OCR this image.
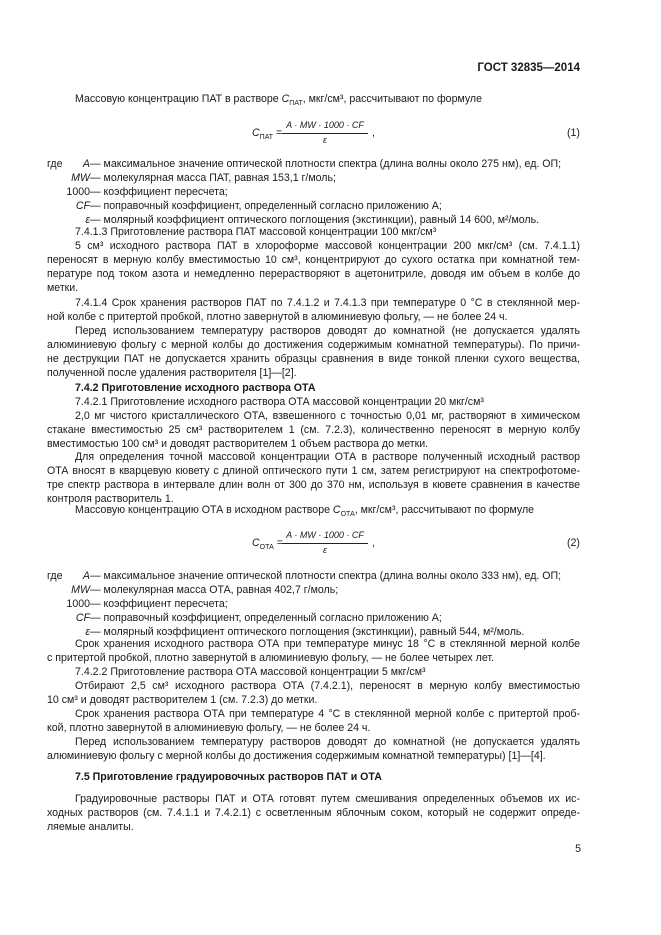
ГОСТ 32835—2014
Массовую концентрацию ПАТ в растворе $C_{ПАТ}$, мкг/см³, рассчитывают по формуле
$C_{ПАТ}$ =
A · MW · 1000 · CF
ε
,	(1)
где	A — максимальное значение оптической плотности спектра (длина волны около 275 нм), ед. ОП;
MW — молекулярная масса ПАТ, равная 153,1 г/моль;
1000 — коэффициент пересчета;
CF — поправочный коэффициент, определенный согласно приложению А;
ε — молярный коэффициент оптического поглощения (экстинкции), равный 14 600, м²/моль.
7.4.1.3 Приготовление раствора ПАТ массовой концентрации 100 мкг/см³
5 см³ исходного раствора ПАТ в хлороформе массовой концентрации 200 мкг/см³ (см. 7.4.1.1)
переносят в мерную колбу вместимостью 10 см³, концентрируют до сухого остатка при комнатной тем-
пературе под током азота и немедленно перерастворяют в ацетонитриле, доводя им объем в колбе до
метки.
7.4.1.4 Срок хранения растворов ПАТ по 7.4.1.2 и 7.4.1.3 при температуре 0 °С в стеклянной мер-
ной колбе с притертой пробкой, плотно завернутой в алюминиевую фольгу, — не более 24 ч.
Перед использованием температуру растворов доводят до комнатной (не допускается удалять
алюминиевую фольгу с мерной колбы до достижения содержимым комнатной температуры). По причи-
не деструкции ПАТ не допускается хранить образцы сравнения в виде тонкой пленки сухого вещества,
полученной после удаления растворителя [1]—[2].
7.4.2 Приготовление исходного раствора ОТА
7.4.2.1 Приготовление исходного раствора ОТА массовой концентрации 20 мкг/см³
2,0 мг чистого кристаллического ОТА, взвешенного с точностью 0,01 мг, растворяют в химическом
стакане вместимостью 25 см³ растворителем 1 (см. 7.2.3), количественно переносят в мерную колбу
вместимостью 100 см³ и доводят растворителем 1 объем раствора до метки.
Для определения точной массовой концентрации ОТА в растворе полученный исходный раствор
ОТА вносят в кварцевую кювету с длиной оптического пути 1 см, затем регистрируют на спектрофотоме-
тре спектр раствора в интервале длин волн от 300 до 370 нм, используя в кювете сравнения в качестве
контроля растворитель 1.
Массовую концентрацию ОТА в исходном растворе $C_{ОТА}$, мкг/см³, рассчитывают по формуле
$C_{ОТА}$ =
A · MW · 1000 · CF
ε
,	(2)
где	A — максимальное значение оптической плотности спектра (длина волны около 333 нм), ед. ОП;
MW — молекулярная масса ОТА, равная 402,7 г/моль;
1000 — коэффициент пересчета;
CF — поправочный коэффициент, определенный согласно приложению А;
ε — молярный коэффициент оптического поглощения (экстинкции), равный 544, м²/моль.
Срок хранения исходного раствора ОТА при температуре минус 18 °С в стеклянной мерной колбе
с притертой пробкой, плотно завернутой в алюминиевую фольгу, — не более четырех лет.
7.4.2.2 Приготовление раствора ОТА массовой концентрации 5 мкг/см³
Отбирают 2,5 см³ исходного раствора ОТА (7.4.2.1), переносят в мерную колбу вместимостью
10 см³ и доводят растворителем 1 (см. 7.2.3) до метки.
Срок хранения раствора ОТА при температуре 4 °С в стеклянной мерной колбе с притертой проб-
кой, плотно завернутой в алюминиевую фольгу, — не более 24 ч.
Перед использованием температуру растворов доводят до комнатной (не допускается удалять
алюминиевую фольгу с мерной колбы до достижения содержимым комнатной температуры) [1]—[4].
7.5 Приготовление градуировочных растворов ПАТ и ОТА
Градуировочные растворы ПАТ и ОТА готовят путем смешивания определенных объемов их ис-
ходных растворов (см. 7.4.1.1 и 7.4.2.1) с осветленным яблочным соком, который не содержит опреде-
ляемые аналиты.
5
